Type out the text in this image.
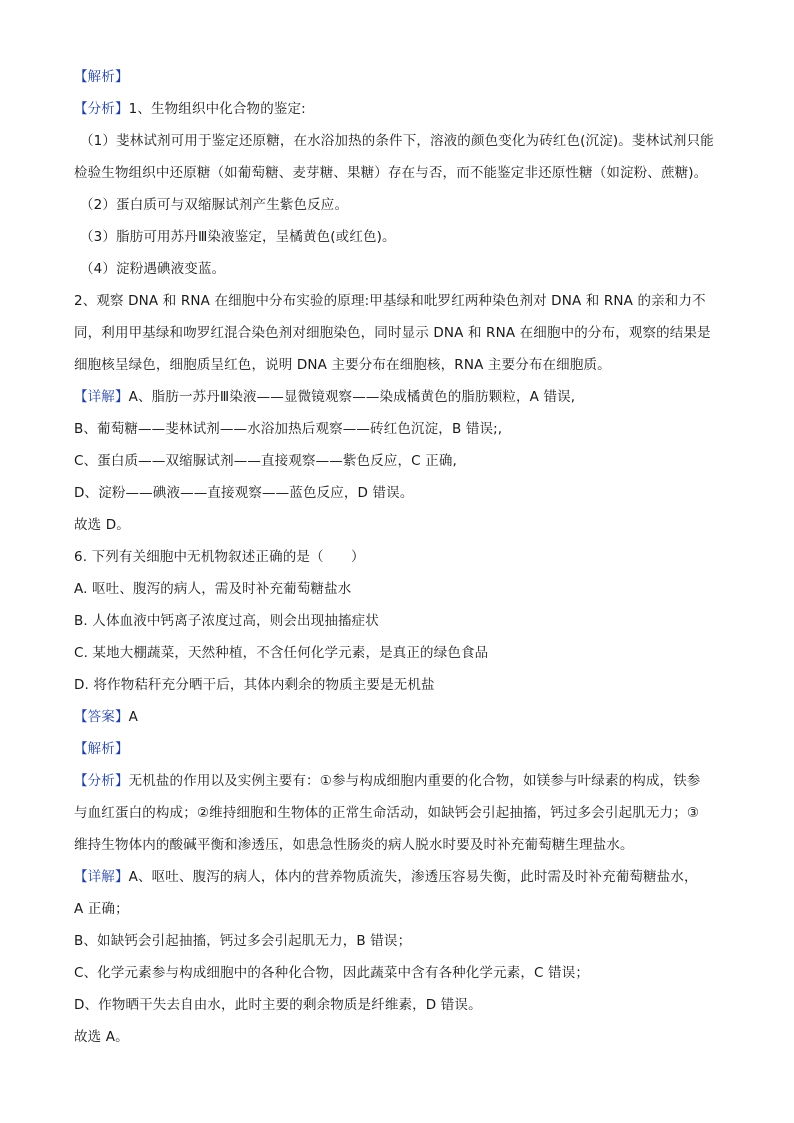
【解析】
【分析】1、生物组织中化合物的鉴定:
（1）斐林试剂可用于鉴定还原糖，在水浴加热的条件下，溶液的颜色变化为砖红色(沉淀)。斐林试剂只能
检验生物组织中还原糖（如葡萄糖、麦芽糖、果糖）存在与否，而不能鉴定非还原性糖（如淀粉、蔗糖)。
（2）蛋白质可与双缩脲试剂产生紫色反应。
（3）脂肪可用苏丹Ⅲ染液鉴定，呈橘黄色(或红色)。
（4）淀粉遇碘液变蓝。
2、观察 DNA 和 RNA 在细胞中分布实验的原理:甲基绿和吡罗红两种染色剂对 DNA 和 RNA 的亲和力不
同，利用甲基绿和吻罗红混合染色剂对细胞染色，同时显示 DNA 和 RNA 在细胞中的分布，观察的结果是
细胞核呈绿色，细胞质呈红色，说明 DNA 主要分布在细胞核，RNA 主要分布在细胞质。
【详解】A、脂肪一苏丹Ⅲ染液——显微镜观察——染成橘黄色的脂肪颗粒，A 错误,
B、葡萄糖——斐林试剂——水浴加热后观察——砖红色沉淀，B 错误;,
C、蛋白质——双缩脲试剂——直接观察——紫色反应，C 正确,
D、淀粉——碘液——直接观察——蓝色反应，D 错误。
故选 D。
6. 下列有关细胞中无机物叙述正确的是（　　）
A. 呕吐、腹泻的病人，需及时补充葡萄糖盐水
B. 人体血液中钙离子浓度过高，则会出现抽搐症状
C. 某地大棚蔬菜，天然种植，不含任何化学元素，是真正的绿色食品
D. 将作物秸秆充分晒干后，其体内剩余的物质主要是无机盐
【答案】A
【解析】
【分析】无机盐的作用以及实例主要有：①参与构成细胞内重要的化合物，如镁参与叶绿素的构成，铁参
与血红蛋白的构成；②维持细胞和生物体的正常生命活动，如缺钙会引起抽搐，钙过多会引起肌无力；③
维持生物体内的酸碱平衡和渗透压，如患急性肠炎的病人脱水时要及时补充葡萄糖生理盐水。
【详解】A、呕吐、腹泻的病人，体内的营养物质流失，渗透压容易失衡，此时需及时补充葡萄糖盐水，
A 正确；
B、如缺钙会引起抽搐，钙过多会引起肌无力，B 错误；
C、化学元素参与构成细胞中的各种化合物，因此蔬菜中含有各种化学元素，C 错误；
D、作物晒干失去自由水，此时主要的剩余物质是纤维素，D 错误。
故选 A。
